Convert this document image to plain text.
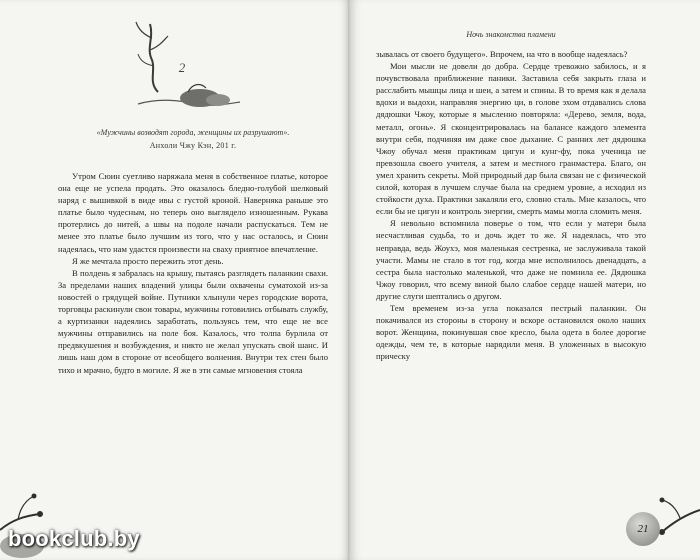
2
«Мужчины возводят города, женщины их разрушают».
Анхоли Чжу Кэн, 201 г.

Утром Сюин суетливо наряжала меня в собственное платье, которое она еще не успела продать. Это оказалось бледно-голубой шелковый наряд с вышивкой в виде ивы с густой кроной. Наверняка раньше это платье было чудесным, но теперь оно выглядело изношенным. Рукава протерлись до нитей, а швы на подоле начали распускаться. Тем не менее это платье было лучшим из того, что у нас осталось, и Сюин надеялась, что нам удастся произвести на сваху приятное впечатление.

Я же мечтала просто пережить этот день.

В полдень я забралась на крышу, пытаясь разглядеть паланкин свахи. За пределами наших владений улицы были охвачены суматохой из-за новостей о грядущей войне. Путники хлынули через городские ворота, торговцы раскинули свои товары, мужчины готовились отбывать службу, а куртизанки надеялись заработать, пользуясь тем, что еще не все мужчины отправились на поле боя. Казалось, что толпа бурлила от предвкушения и возбуждения, и никто не желал упускать свой шанс. И лишь наш дом в стороне от всеобщего волнения. Внутри тех стен было тихо и мрачно, будто в могиле. Я же в эти самые мгновения стояла

Ночь знакомства пламени

зывалась от своего будущего». Впрочем, на что в вообще надеялась?

Мои мысли не довели до добра. Сердце тревожно забилось, и я почувствовала приближение паники. Заставила себя закрыть глаза и расслабить мышцы лица и шеи, а затем и спины. В то время как я делала вдохи и выдохи, направляя энергию ци, в голове эхом отдавались слова дядюшки Чжоу, которые я мысленно повторяла: «Дерево, земля, вода, металл, огонь». Я сконцентрировалась на балансе каждого элемента внутри себя, подчиняя им даже свое дыхание. С ранних лет дядюшка Чжоу обучал меня практикам цигун и кунг-фу, пока ученица не превзошла своего учителя, а затем и местного гранмастера. Благо, он умел хранить секреты. Мой природный дар была связан не с физической силой, которая в лучшем случае была на среднем уровне, а исходил из стойкости духа. Практики закаляли его, словно сталь. Мне казалось, что если бы не цигун и контроль энергии, смерть мамы могла сломить меня.

Я невольно вспомнила поверье о том, что если у матери была несчастливая судьба, то и дочь ждет то же. Я надеялась, что это неправда, ведь Жоухэ, моя маленькая сестренка, не заслуживала такой участи. Мамы не стало в тот год, когда мне исполнилось двенадцать, а сестра была настолько маленькой, что даже не помнила ее. Дядюшка Чжоу говорил, что всему виной было слабое сердце нашей матери, но другие слуги шептались о другом.

Тем временем из-за угла показался пестрый паланкин. Он покачивался из стороны в сторону и вскоре остановился около наших ворот. Женщина, покинувшая свое кресло, была одета в более дорогие одежды, чем те, в которые нарядили меня. В уложенных в высокую прическу

21
bookclub.by
